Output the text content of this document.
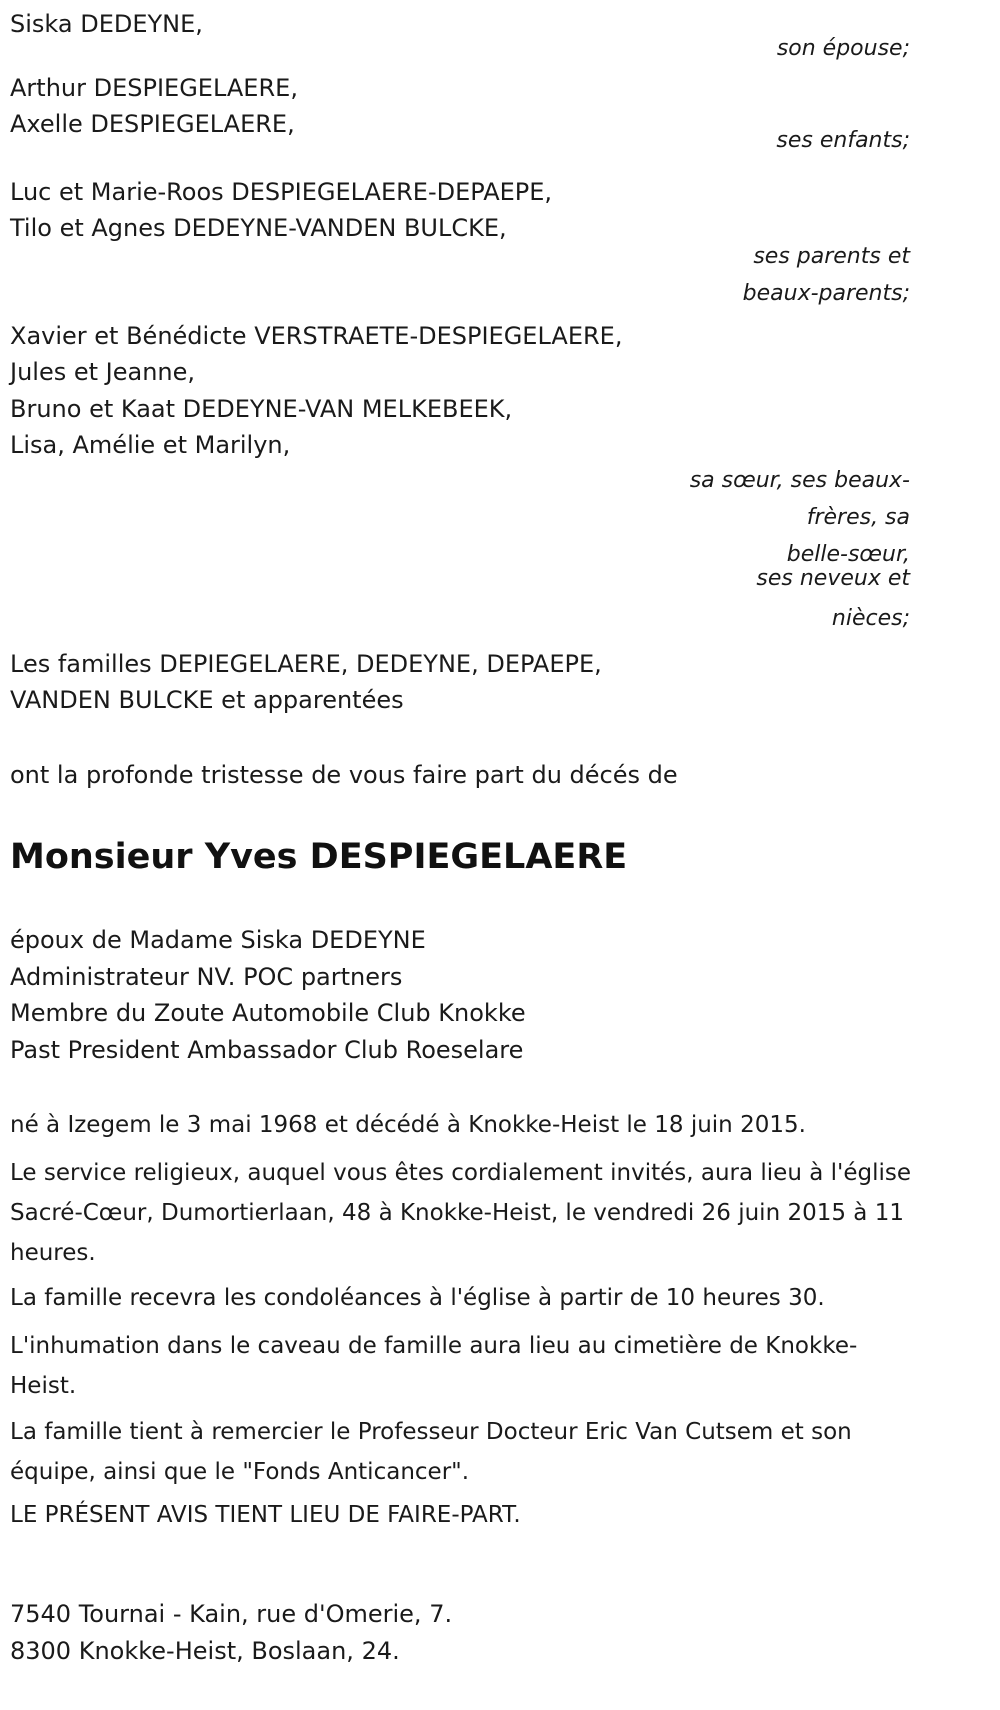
Siska DEDEYNE,
son épouse;
Arthur DESPIEGELAERE,
Axelle DESPIEGELAERE,
ses enfants;
Luc et Marie-Roos DESPIEGELAERE-DEPAEPE,
Tilo et Agnes DEDEYNE-VANDEN BULCKE,
ses parents et
beaux-parents;
Xavier et Bénédicte VERSTRAETE-DESPIEGELAERE,
Jules et Jeanne,
Bruno et Kaat DEDEYNE-VAN MELKEBEEK,
Lisa, Amélie et Marilyn,
sa sœur, ses beaux-
frères, sa
belle-sœur,
ses neveux et
nièces;
Les familles DEPIEGELAERE, DEDEYNE, DEPAEPE,
VANDEN BULCKE et apparentées
ont la profonde tristesse de vous faire part du décés de
Monsieur Yves DESPIEGELAERE
époux de Madame Siska DEDEYNE
Administrateur NV. POC partners
Membre du Zoute Automobile Club Knokke
Past President Ambassador Club Roeselare
né à Izegem le 3 mai 1968 et décédé à Knokke-Heist le 18 juin 2015.
Le service religieux, auquel vous êtes cordialement invités, aura lieu à l'église Sacré-Cœur, Dumortierlaan, 48 à Knokke-Heist, le vendredi 26 juin 2015 à 11 heures.
La famille recevra les condoléances à l'église à partir de 10 heures 30.
L'inhumation dans le caveau de famille aura lieu au cimetière de Knokke-Heist.
La famille tient à remercier le Professeur Docteur Eric Van Cutsem et son équipe, ainsi que le "Fonds Anticancer".
LE PRÉSENT AVIS TIENT LIEU DE FAIRE-PART.
7540 Tournai - Kain, rue d'Omerie, 7.
8300 Knokke-Heist, Boslaan, 24.
